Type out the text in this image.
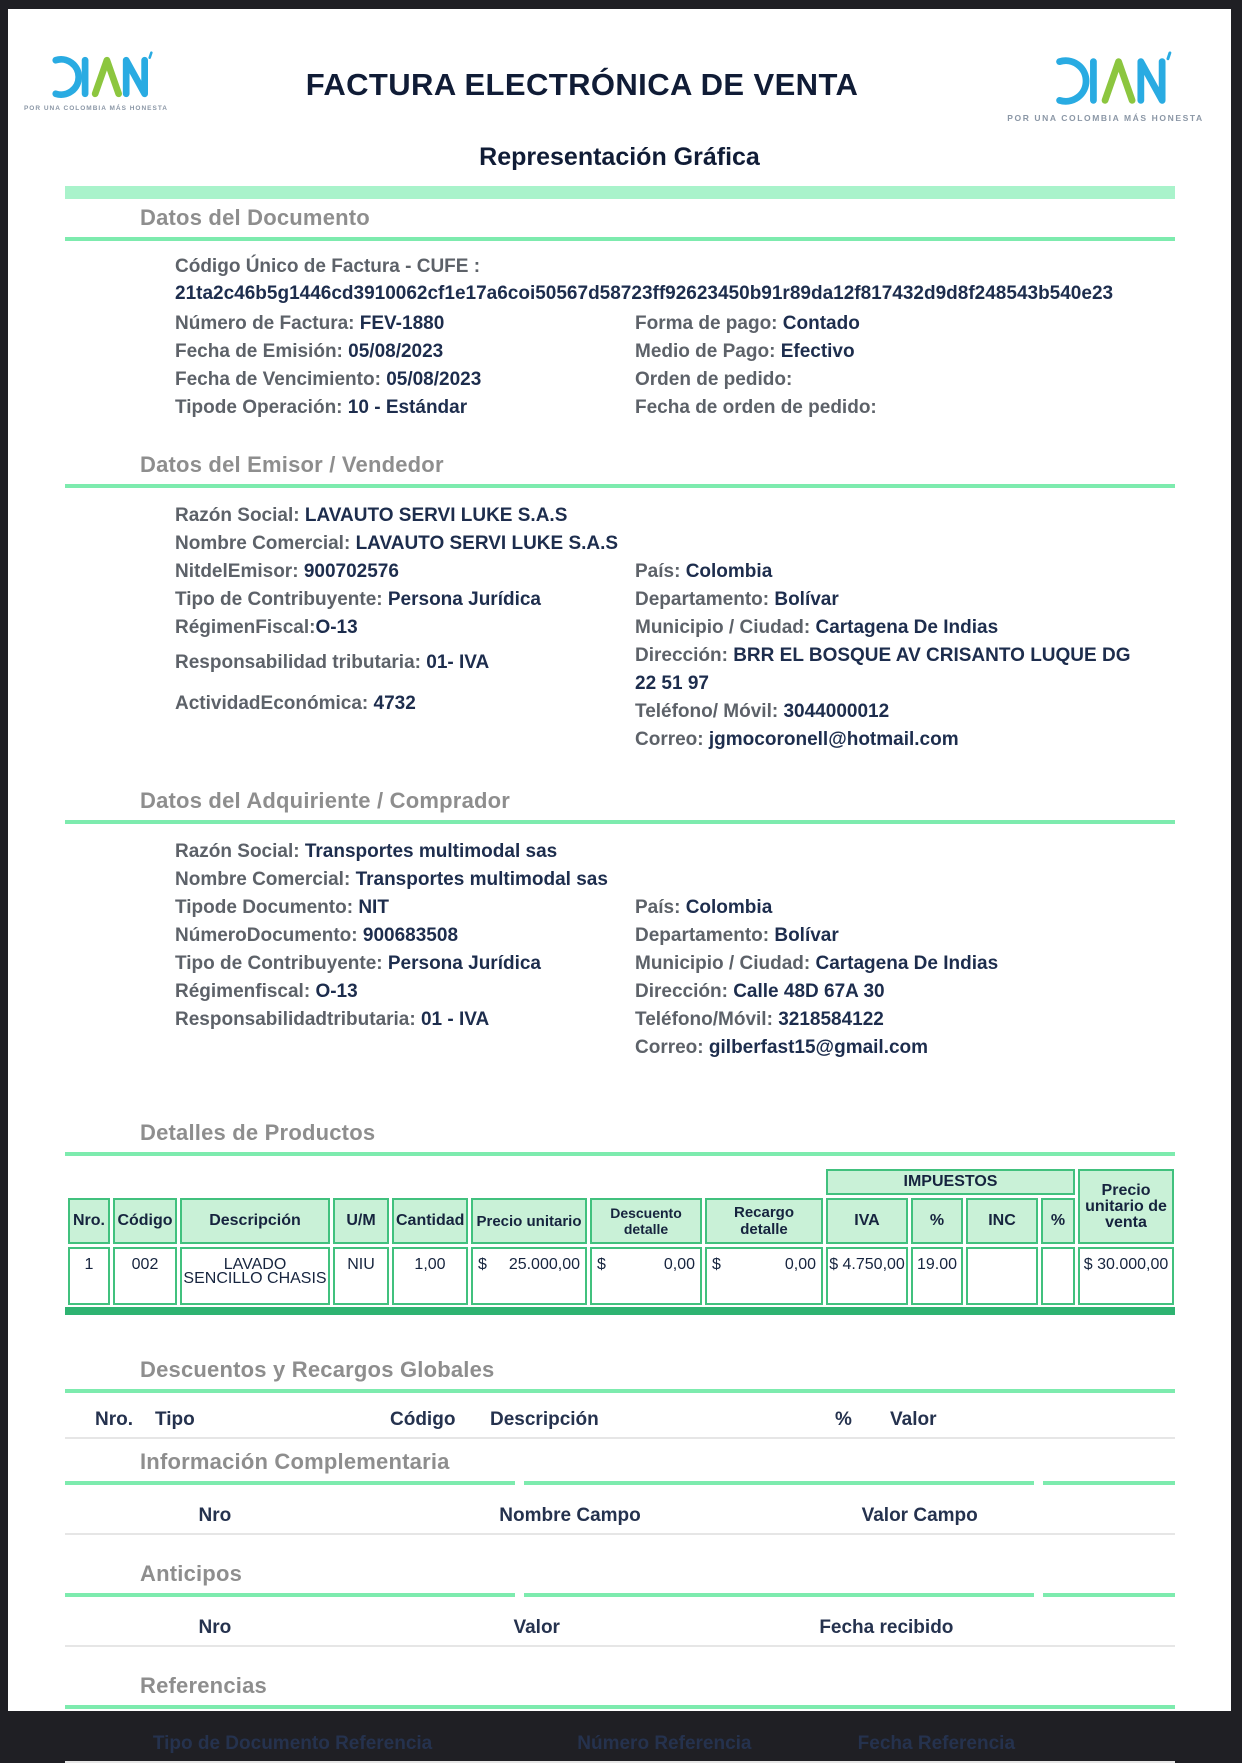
POR UNA COLOMBIA MÁS HONESTA
FACTURA ELECTRÓNICA DE VENTA
POR UNA COLOMBIA MÁS HONESTA
Representación Gráfica
Datos del Documento
Código Único de Factura - CUFE : 21ta2c46b5g1446cd3910062cf1e17a6coi50567d58723ff92623450b91r89da12f817432d9d8f248543b540e23
Número de Factura: FEV-1880
Fecha de Emisión: 05/08/2023
Fecha de Vencimiento: 05/08/2023
Tipode Operación: 10 - Estándar
Forma de pago: Contado
Medio de Pago: Efectivo
Orden de pedido:
Fecha de orden de pedido:
Datos del Emisor / Vendedor
Razón Social: LAVAUTO SERVI LUKE S.A.S
Nombre Comercial: LAVAUTO SERVI LUKE S.A.S
NitdelEmisor: 900702576
Tipo de Contribuyente: Persona Jurídica
RégimenFiscal:O-13
Responsabilidad tributaria: 01- IVA
ActividadEconómica: 4732
País: Colombia
Departamento: Bolívar
Municipio / Ciudad: Cartagena De Indias
Dirección: BRR EL BOSQUE AV CRISANTO LUQUE DG 22 51 97
Teléfono/ Móvil: 3044000012
Correo: jgmocoronell@hotmail.com
Datos del Adquiriente / Comprador
Razón Social: Transportes multimodal sas
Nombre Comercial: Transportes multimodal sas
Tipode Documento: NIT
NúmeroDocumento: 900683508
Tipo de Contribuyente: Persona Jurídica
Régimenfiscal: O-13
Responsabilidadtributaria: 01 - IVA
País: Colombia
Departamento: Bolívar
Municipio / Ciudad: Cartagena De Indias
Dirección: Calle 48D 67A 30
Teléfono/Móvil: 3218584122
Correo: gilberfast15@gmail.com
Detalles de Productos
								IMPUESTOS				Precio unitario de venta
Nro.	Código	Descripción	U/M	Cantidad	Precio unitario	Descuento detalle	Recargo detalle	IVA	%	INC	%	
1	002	LAVADO SENCILLO CHASIS	NIU	1,00	$ 25.000,00	$ 0,00	$ 0,00	$ 4.750,00	19.00			$ 30.000,00
Descuentos y Recargos Globales
Nro.	Tipo	Código	Descripción	%	Valor
Información Complementaria
Nro	Nombre Campo	Valor Campo
Anticipos
Nro	Valor	Fecha recibido
Referencias
Tipo de Documento Referencia	Número Referencia	Fecha Referencia
